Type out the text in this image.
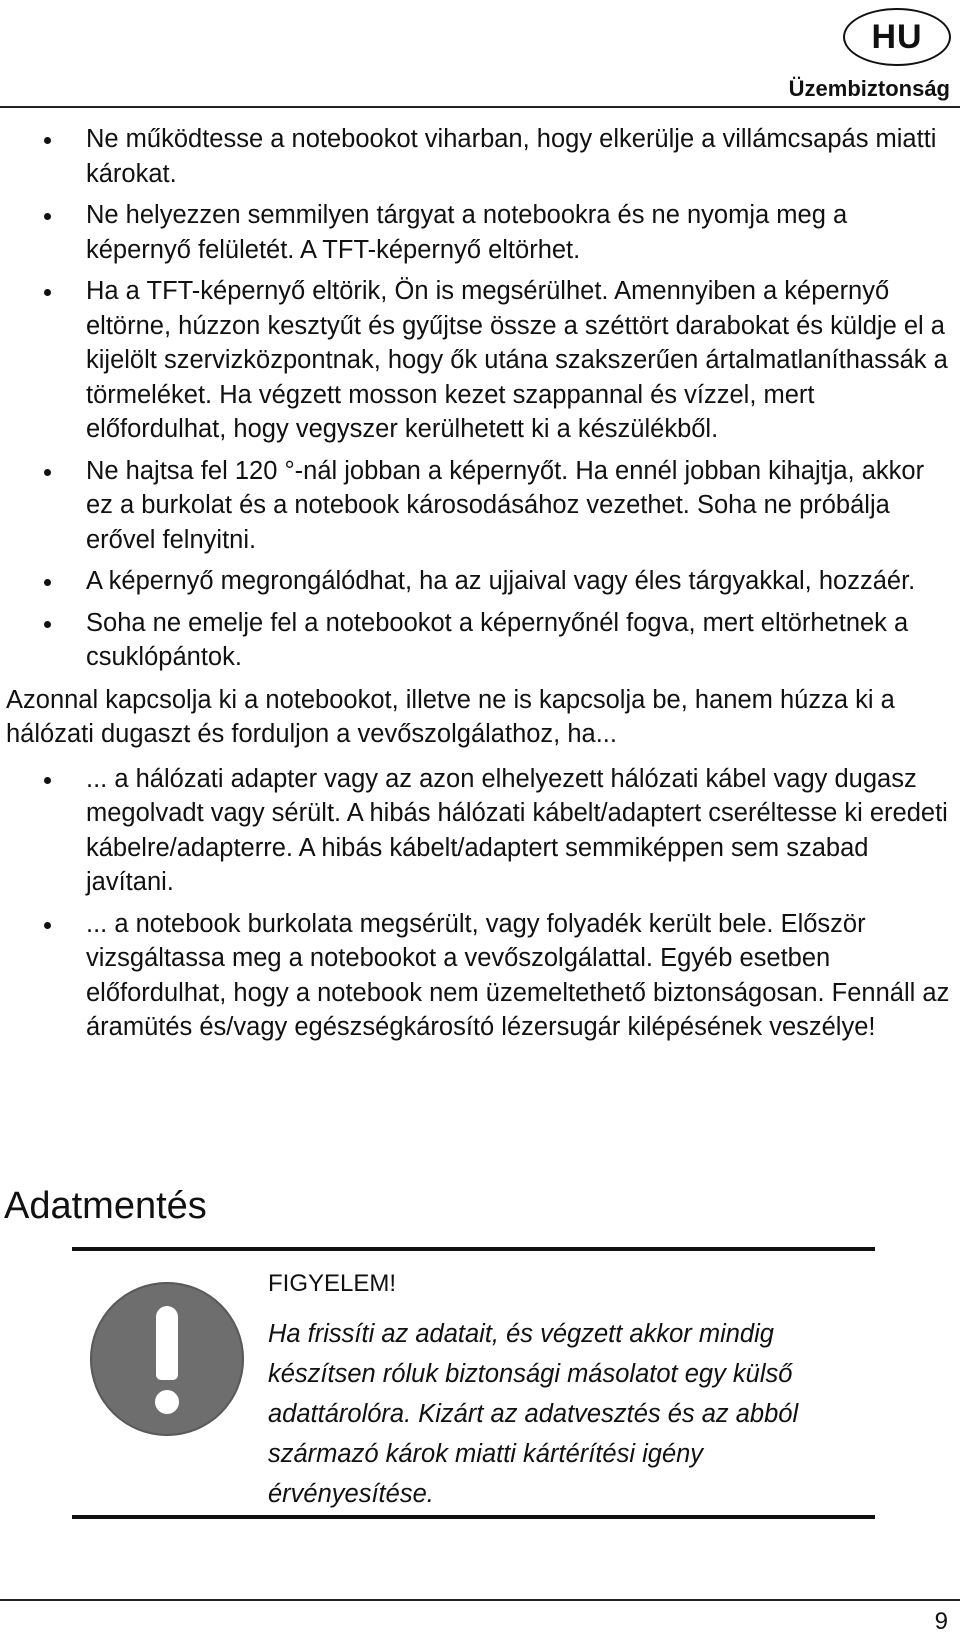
HU
Üzembiztonság
Ne működtesse a notebookot viharban, hogy elkerülje a villámcsapás miatti károkat.
Ne helyezzen semmilyen tárgyat a notebookra és ne nyomja meg a képernyő felületét. A TFT-képernyő eltörhet.
Ha a TFT-képernyő eltörik, Ön is megsérülhet. Amennyiben a képernyő eltörne, húzzon kesztyűt és gyűjtse össze a széttört darabokat és küldje el a kijelölt szervizközpontnak, hogy ők utána szakszerűen ártalmatlaníthassák a törmeléket. Ha végzett mosson kezet szappannal és vízzel, mert előfordulhat, hogy vegyszer kerülhetett ki a készülékből.
Ne hajtsa fel 120 °-nál jobban a képernyőt. Ha ennél jobban kihajtja, akkor ez a burkolat és a notebook károsodásához vezethet. Soha ne próbálja erővel felnyitni.
A képernyő megrongálódhat, ha az ujjaival vagy éles tárgyakkal, hozzáér.
Soha ne emelje fel a notebookot a képernyőnél fogva, mert eltörhetnek a csuklópántok.

Azonnal kapcsolja ki a notebookot, illetve ne is kapcsolja be, hanem húzza ki a hálózati dugaszt és forduljon a vevőszolgálathoz, ha...

... a hálózati adapter vagy az azon elhelyezett hálózati kábel vagy dugasz megolvadt vagy sérült. A hibás hálózati kábelt/adaptert cseréltesse ki eredeti kábelre/adapterre. A hibás kábelt/adaptert semmiképpen sem szabad javítani.
... a notebook burkolata megsérült, vagy folyadék került bele. Először vizsgáltassa meg a notebookot a vevőszolgálattal. Egyéb esetben előfordulhat, hogy a notebook nem üzemeltethető biztonságosan. Fennáll az áramütés és/vagy egészségkárosító lézersugár kilépésének veszélye!
Adatmentés
FIGYELEM!
Ha frissíti az adatait, és végzett akkor mindig készítsen róluk biztonsági másolatot egy külső adattárolóra. Kizárt az adatvesztés és az abból származó károk miatti kártérítési igény érvényesítése.
9
